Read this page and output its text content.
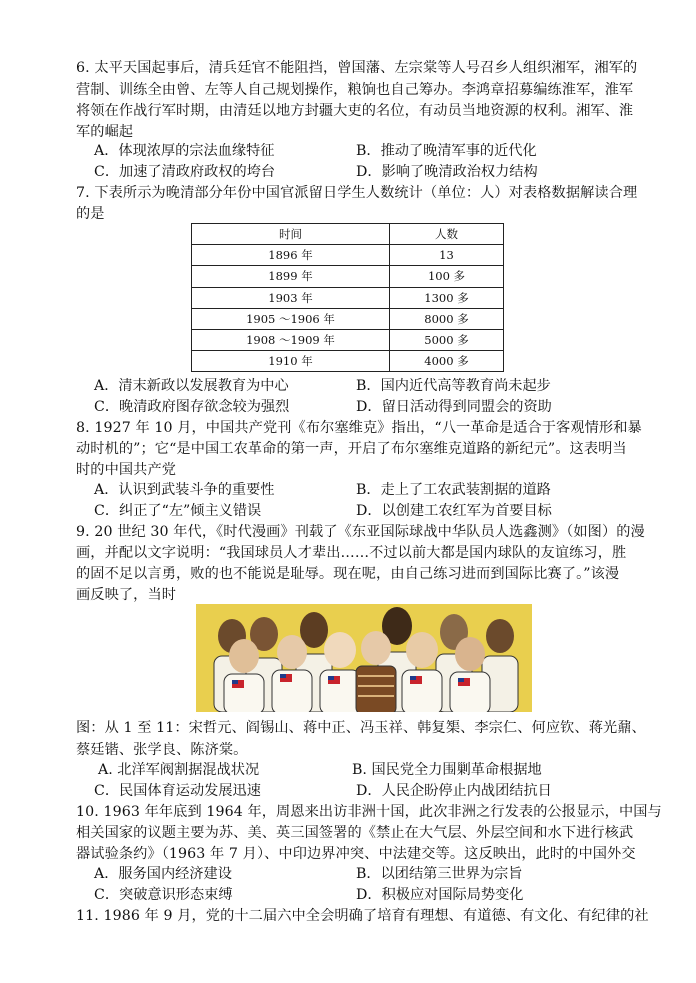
6. 太平天国起事后，清兵廷官不能阻挡，曾国藩、左宗棠等人号召乡人组织湘军，湘军的
营制、训练全由曾、左等人自己规划操作，粮饷也自己筹办。李鸿章招募编练淮军，淮军
将领在作战行军时期，由清廷以地方封疆大吏的名位，有动员当地资源的权利。湘军、淮
军的崛起
A．体现浓厚的宗法血缘特征	B．推动了晚清军事的近代化
C．加速了清政府政权的垮台	D．影响了晚清政治权力结构
7. 下表所示为晚清部分年份中国官派留日学生人数统计（单位：人）对表格数据解读合理
的是
时间	人数
1896 年	13
1899 年	100 多
1903 年	1300 多
1905 ～1906 年	8000 多
1908 ～1909 年	5000 多
1910 年	4000 多
A．清末新政以发展教育为中心	B．国内近代高等教育尚未起步
C．晚清政府图存欲念较为强烈	D．留日活动得到同盟会的资助
8. 1927 年 10 月，中国共产党刊《布尔塞维克》指出，“八一革命是适合于客观情形和暴
动时机的”；它“是中国工农革命的第一声，开启了布尔塞维克道路的新纪元”。这表明当
时的中国共产党
A．认识到武装斗争的重要性	B．走上了工农武装割据的道路
C．纠正了“左”倾主义错误	D．以创建工农红军为首要目标
9. 20 世纪 30 年代，《时代漫画》刊载了《东亚国际球战中华队员人选鑫测》（如图）的漫
画，并配以文字说明：“我国球员人才辈出……不过以前大都是国内球队的友谊练习，胜
的固不足以言勇，败的也不能说是耻辱。现在呢，由自己练习进而到国际比赛了。”该漫
画反映了，当时
图：从 1 至 11：宋哲元、阎锡山、蒋中正、冯玉祥、韩复榘、李宗仁、何应钦、蒋光鼐、
蔡廷锴、张学良、陈济棠。
A. 北洋军阀割据混战状况	B. 国民党全力围剿革命根据地
C．民国体育运动发展迅速	D．人民企盼停止内战团结抗日
10. 1963 年年底到 1964 年，周恩来出访非洲十国，此次非洲之行发表的公报显示，中国与
相关国家的议题主要为苏、美、英三国签署的《禁止在大气层、外层空间和水下进行核武
器试验条约》（1963 年 7 月）、中印边界冲突、中法建交等。这反映出，此时的中国外交
A．服务国内经济建设	B．以团结第三世界为宗旨
C．突破意识形态束缚	D．积极应对国际局势变化
11. 1986 年 9 月，党的十二届六中全会明确了培育有理想、有道德、有文化、有纪律的社
